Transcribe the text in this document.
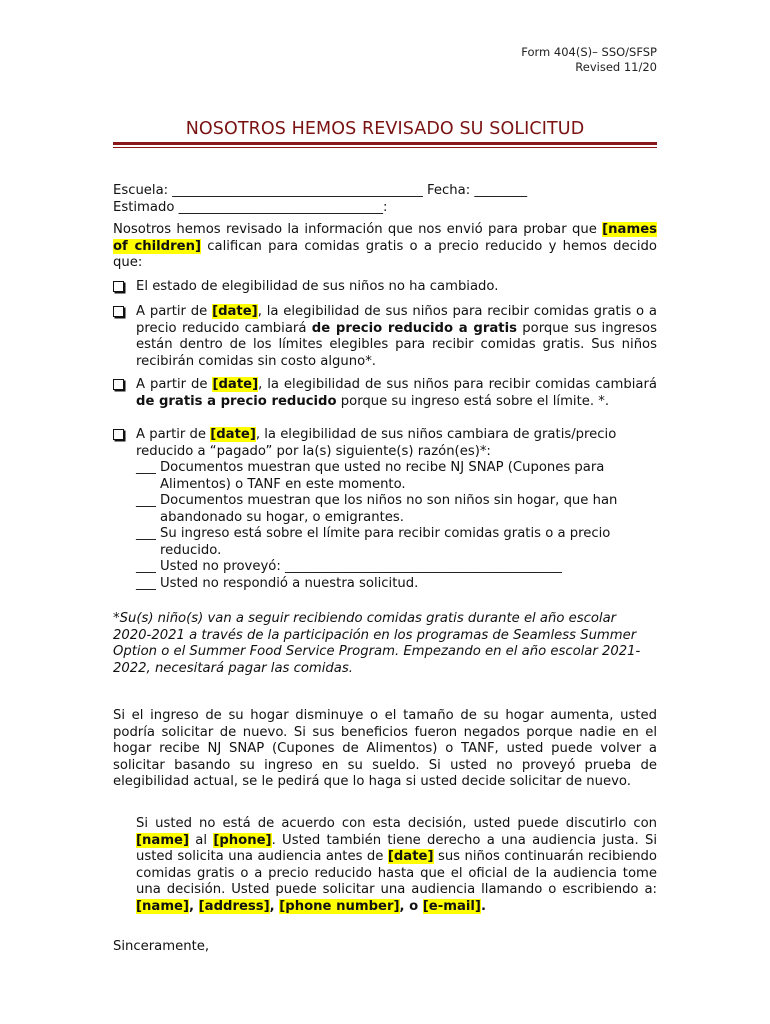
Form 404(S)– SSO/SFSP
Revised 11/20
NOSOTROS HEMOS REVISADO SU SOLICITUD
Escuela: ______________________________________ Fecha: ________
Estimado _______________________________:
Nosotros hemos revisado la información que nos envió para probar que [names of children] califican para comidas gratis o a precio reducido y hemos decido que:
El estado de elegibilidad de sus niños no ha cambiado.
A partir de [date], la elegibilidad de sus niños para recibir comidas gratis o a precio reducido cambiará de precio reducido a gratis porque sus ingresos están dentro de los límites elegibles para recibir comidas gratis. Sus niños recibirán comidas sin costo alguno*.
A partir de [date], la elegibilidad de sus niños para recibir comidas cambiará de gratis a precio reducido porque su ingreso está sobre el límite. *.
A partir de [date], la elegibilidad de sus niños cambiara de gratis/precio reducido a “pagado” por la(s) siguiente(s) razón(es)*:
___ Documentos muestran que usted no recibe NJ SNAP (Cupones para
Alimentos) o TANF en este momento.
___ Documentos muestran que los niños no son niños sin hogar, que han
abandonado su hogar, o emigrantes.
___ Su ingreso está sobre el límite para recibir comidas gratis o a precio
reducido.
___ Usted no proveyó: __________________________________________
___ Usted no respondió a nuestra solicitud.
*Su(s) niño(s) van a seguir recibiendo comidas gratis durante el año escolar 2020-2021 a través de la participación en los programas de Seamless Summer Option o el Summer Food Service Program. Empezando en el año escolar 2021-2022, necesitará pagar las comidas.
Si el ingreso de su hogar disminuye o el tamaño de su hogar aumenta, usted podría solicitar de nuevo. Si sus beneficios fueron negados porque nadie en el hogar recibe NJ SNAP (Cupones de Alimentos) o TANF, usted puede volver a solicitar basando su ingreso en su sueldo. Si usted no proveyó prueba de elegibilidad actual, se le pedirá que lo haga si usted decide solicitar de nuevo.
Si usted no está de acuerdo con esta decisión, usted puede discutirlo con [name] al [phone]. Usted también tiene derecho a una audiencia justa. Si usted solicita una audiencia antes de [date] sus niños continuarán recibiendo comidas gratis o a precio reducido hasta que el oficial de la audiencia tome una decisión. Usted puede solicitar una audiencia llamando o escribiendo a: [name], [address], [phone number], o [e-mail].
Sinceramente,
